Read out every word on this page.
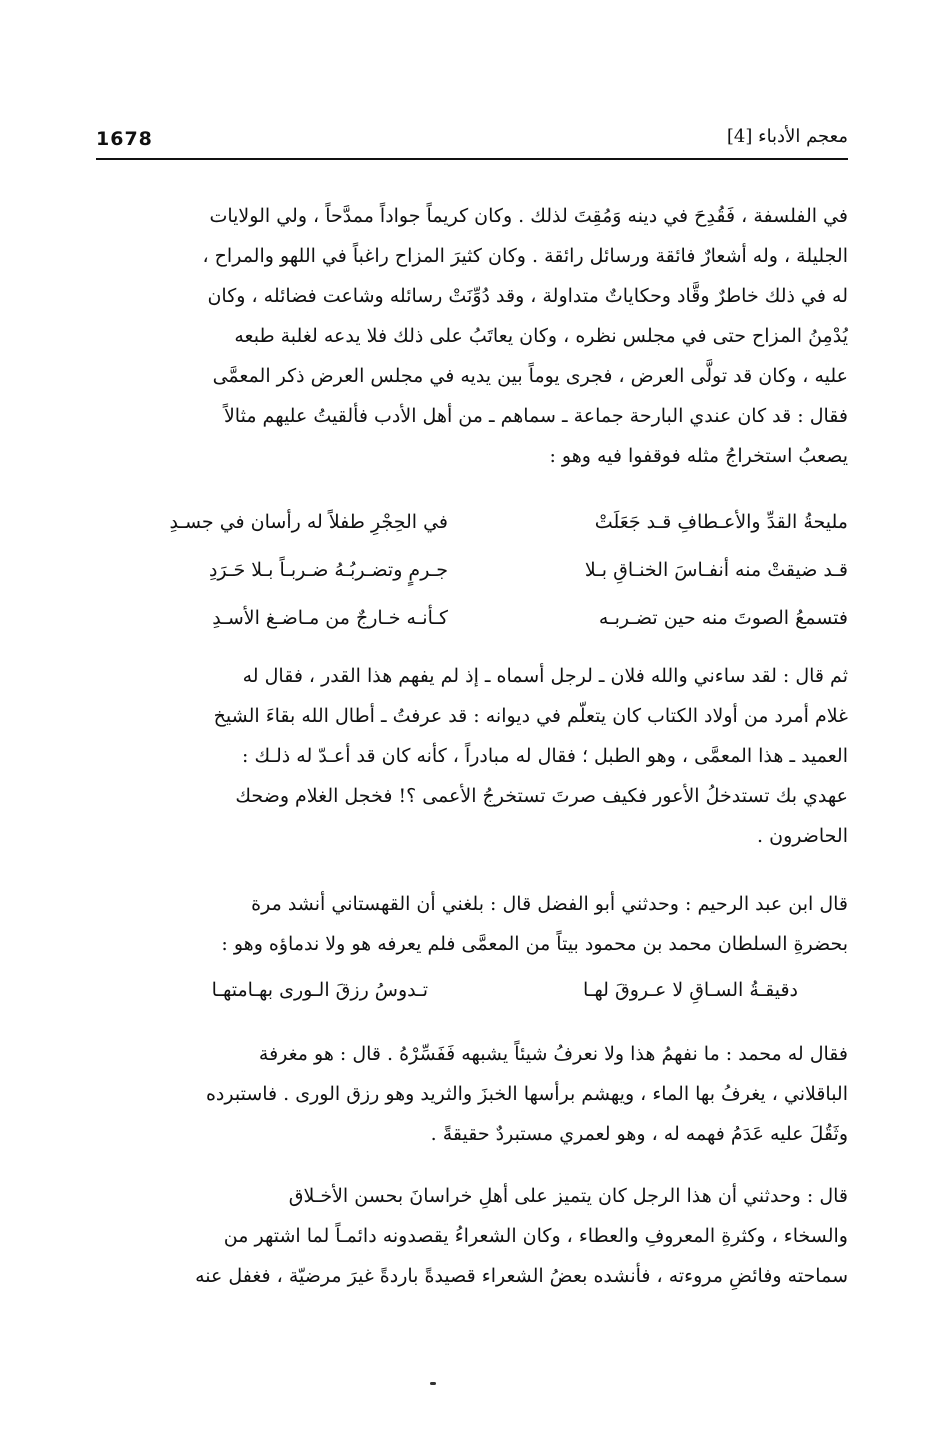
1678	معجم الأدباء [4]
في الفلسفة ، فَقُدِحَ في دينه وَمُقِتَ لذلك . وكان كريماً جواداً ممدَّحاً ، ولي الولايات
الجليلة ، وله أشعارٌ فائقة ورسائل رائقة . وكان كثيرَ المزاح راغباً في اللهو والمراح ،
له في ذلك خاطرٌ وقَّاد وحكاياتٌ متداولة ، وقد دُوِّنَتْ رسائله وشاعت فضائله ، وكان
يُدْمِنُ المزاح حتى في مجلس نظره ، وكان يعاتَبُ على ذلك فلا يدعه لغلبة طبعه
عليه ، وكان قد تولَّى العرض ، فجرى يوماً بين يديه في مجلس العرض ذكر المعمَّى
فقال : قد كان عندي البارحة جماعة ـ سماهم ـ من أهل الأدب فألقيتُ عليهم مثالاً
يصعبُ استخراجُ مثله فوقفوا فيه وهو :
مليحةُ القدِّ والأعـطافِ قـد جَعَلَتْ
في الحِجْرِ طفلاً له رأسان في جسـدِ
قـد ضيقتْ منه أنفـاسَ الخنـاقِ بـلا
جـرمٍ وتضـربُـهُ ضـربـاً بـلا حَـرَدِ
فتسمعُ الصوتَ منه حين تضـربـه
كـأنـه خـارجٌ من مـاضـغ الأسـدِ
ثم قال : لقد ساءني والله فلان ـ لرجل أسماه ـ إذ لم يفهم هذا القدر ، فقال له
غلام أمرد من أولاد الكتاب كان يتعلّم في ديوانه : قد عرفتُ ـ أطال الله بقاءَ الشيخ
العميد ـ هذا المعمَّى ، وهو الطبل ؛ فقال له مبادراً ، كأنه كان قد أعـدّ له ذلـك :
عهدي بك تستدخلُ الأعور فكيف صرتَ تستخرجُ الأعمى ؟! فخجل الغلام وضحك
الحاضرون .
قال ابن عبد الرحيم : وحدثني أبو الفضل قال : بلغني أن القهستاني أنشد مرة
بحضرةِ السلطان محمد بن محمود بيتاً من المعمَّى فلم يعرفه هو ولا ندماؤه وهو :
دقيقـةُ السـاقِ لا عـروقَ لهـا
تـدوسُ رزقَ الـورى بهـامتهـا
فقال له محمد : ما نفهمُ هذا ولا نعرفُ شيئاً يشبهه فَفَسِّرْهُ . قال : هو مغرفة
الباقلاني ، يغرفُ بها الماء ، ويهشم برأسها الخبزَ والثريد وهو رزق الورى . فاستبرده
وثَقُلَ عليه عَدَمُ فهمه له ، وهو لعمري مستبردٌ حقيقةً .
قال : وحدثني أن هذا الرجل كان يتميز على أهلِ خراسانَ بحسن الأخـلاق
والسخاء ، وكثرةِ المعروفِ والعطاء ، وكان الشعراءُ يقصدونه دائمـاً لما اشتهر من
سماحته وفائضِ مروءته ، فأنشده بعضُ الشعراء قصيدةً باردةً غيرَ مرضيّة ، فغفل عنه
